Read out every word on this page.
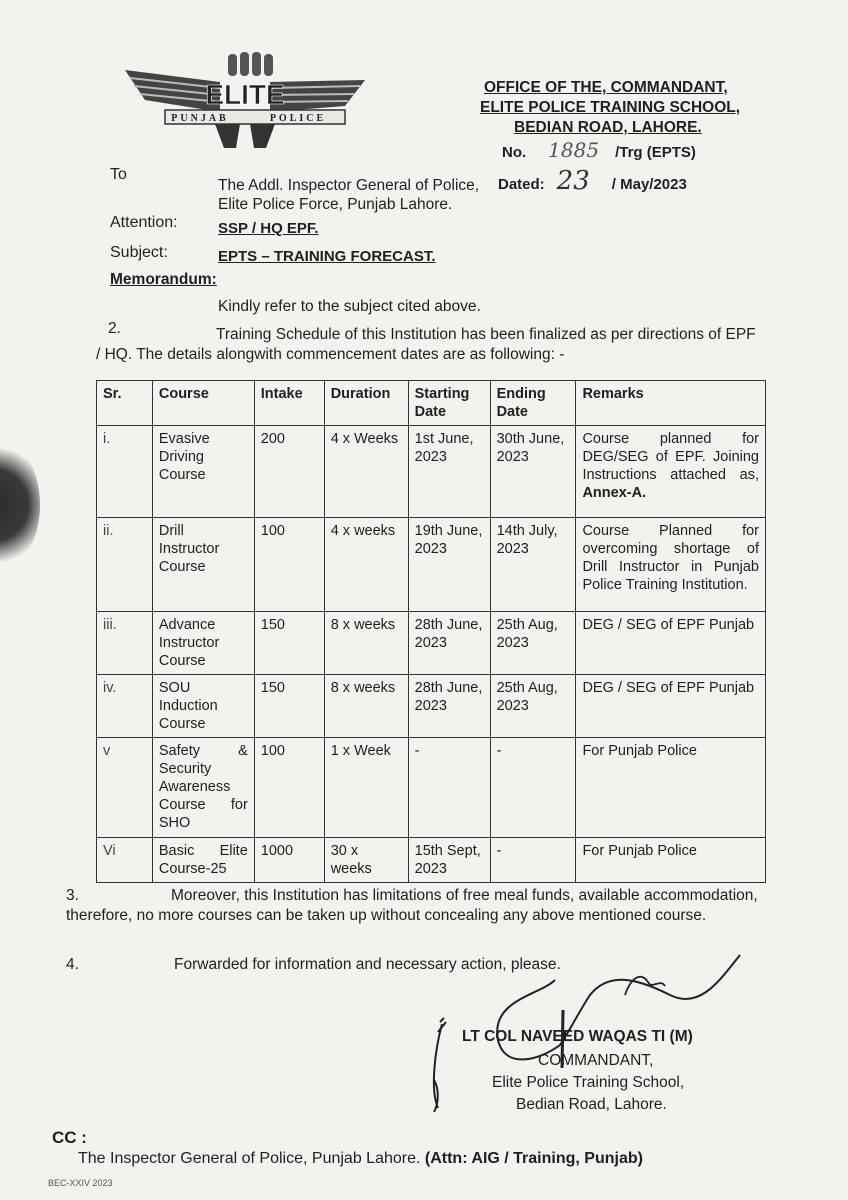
ELITE
PUNJAB	POLICE
OFFICE OF THE, COMMANDANT,
ELITE POLICE TRAINING SCHOOL,
BEDIAN ROAD, LAHORE.
No. 1885 /Trg (EPTS)
Dated: 23 / May/2023
To
The Addl. Inspector General of Police,
Elite Police Force, Punjab Lahore.
Attention:	SSP / HQ EPF.
Subject:	EPTS – TRAINING FORECAST.
Memorandum:
Kindly refer to the subject cited above.
2.	Training Schedule of this Institution has been finalized as per directions of EPF / HQ. The details alongwith commencement dates are as following: -
Sr.	Course	Intake	Duration	Starting Date	Ending Date	Remarks
i.	Evasive Driving Course	200	4 x Weeks	1st June, 2023	30th June, 2023	Course planned for DEG/SEG of EPF. Joining Instructions attached as, Annex-A.
ii.	Drill Instructor Course	100	4 x weeks	19th June, 2023	14th July, 2023	Course Planned for overcoming shortage of Drill Instructor in Punjab Police Training Institution.
iii.	Advance Instructor Course	150	8 x weeks	28th June, 2023	25th Aug, 2023	DEG / SEG of EPF Punjab
iv.	SOU Induction Course	150	8 x weeks	28th June, 2023	25th Aug, 2023	DEG / SEG of EPF Punjab
v	Safety & Security Awareness Course for SHO	100	1 x Week	-	-	For Punjab Police
Vi	Basic Elite Course-25	1000	30 x weeks	15th Sept, 2023	-	For Punjab Police
3.	Moreover, this Institution has limitations of free meal funds, available accommodation, therefore, no more courses can be taken up without concealing any above mentioned course.
4.	Forwarded for information and necessary action, please.
LT COL NAVEED WAQAS TI (M)
COMMANDANT,
Elite Police Training School,
Bedian Road, Lahore.
CC :
The Inspector General of Police, Punjab Lahore. (Attn: AIG / Training, Punjab)
BEC-XXIV 2023
